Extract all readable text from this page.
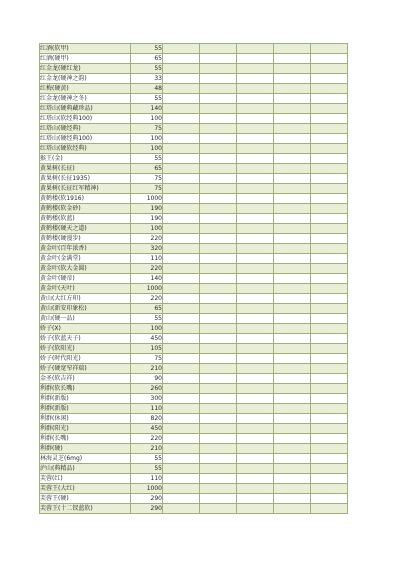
红酒(软甲)	55					
红酒(硬甲)	65					
红金龙(硬红龙)	55					
红金龙(硬神之韵)	33					
红梅(硬黄)	48					
红金龙(硬神之冬)	55					
红塔山(硬典藏珍品)	140					
红塔山(软经典100)	100					
红塔山(硬经典)	75					
红塔山(硬经典100)	100					
红塔山(硬软经典)	100					
猴王(金)	55					
黄果树(长征)	65					
黄果树(长征1935)	75					
黄果树(长征红军精神)	75					
黄鹤楼(软1916)	1000					
黄鹤楼(软金砂)	190					
黄鹤楼(软蓝)	190					
黄鹤楼(硬天之道)	100					
黄鹤楼(硬漫步)	220					
黄金叶(百年浓香)	320					
黄金叶(金满堂)	110					
黄金叶(软大金圆)	220					
黄金叶(硬帝)	140					
黄金叶(天叶)	1000					
黄山(大红方印)	220					
黄山(新安印象松)	65					
黄山(硬一品)	55					
娇子(X)	100					
娇子(软蓝天子)	450					
娇子(软阳光)	105					
娇子(时代阳光)	75					
娇子(硬宽窄祥瑞)	210					
金圣(软吉祥)	90					
利群(软长嘴)	260					
利群(新版)	300					
利群(新版)	110					
利群(休闲)	820					
利群(阳光)	450					
利群(长嘴)	220					
利群(硬)	210					
林海灵芝(6mg)	55					
泸山(典精品)	55					
芙蓉(红)	110					
芙蓉王(大红)	1000					
芙蓉王(硬)	290					
芙蓉王(十二钗蓝软)	290					
